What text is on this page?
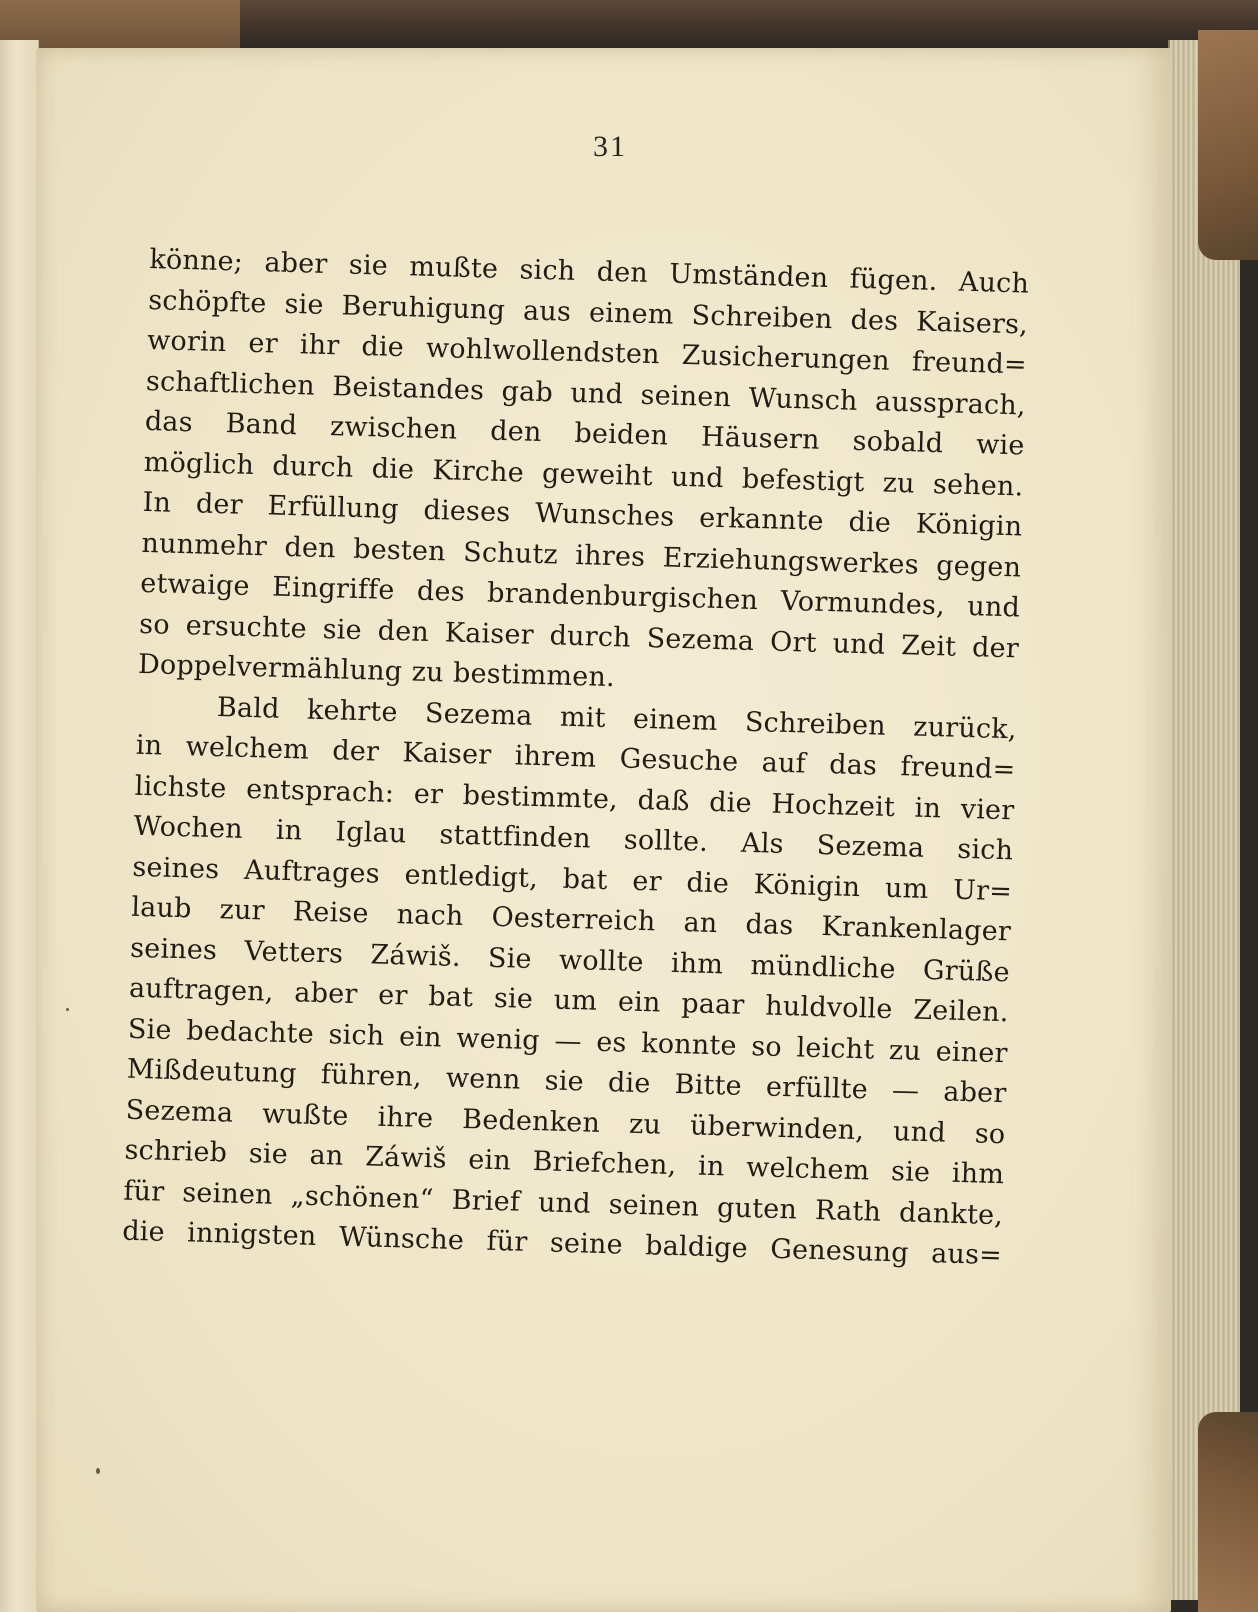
31
könne; aber sie mußte sich den Umständen fügen. Auch
schöpfte sie Beruhigung aus einem Schreiben des Kaisers,
worin er ihr die wohlwollendsten Zusicherungen freund=
schaftlichen Beistandes gab und seinen Wunsch aussprach,
das Band zwischen den beiden Häusern sobald wie
möglich durch die Kirche geweiht und befestigt zu sehen.
In der Erfüllung dieses Wunsches erkannte die Königin
nunmehr den besten Schutz ihres Erziehungswerkes gegen
etwaige Eingriffe des brandenburgischen Vormundes, und
so ersuchte sie den Kaiser durch Sezema Ort und Zeit der
Doppelvermählung zu bestimmen.
Bald kehrte Sezema mit einem Schreiben zurück,
in welchem der Kaiser ihrem Gesuche auf das freund=
lichste entsprach: er bestimmte, daß die Hochzeit in vier
Wochen in Iglau stattfinden sollte. Als Sezema sich
seines Auftrages entledigt, bat er die Königin um Ur=
laub zur Reise nach Oesterreich an das Krankenlager
seines Vetters Záwiš. Sie wollte ihm mündliche Grüße
auftragen, aber er bat sie um ein paar huldvolle Zeilen.
Sie bedachte sich ein wenig — es konnte so leicht zu einer
Mißdeutung führen, wenn sie die Bitte erfüllte — aber
Sezema wußte ihre Bedenken zu überwinden, und so
schrieb sie an Záwiš ein Briefchen, in welchem sie ihm
für seinen „schönen“ Brief und seinen guten Rath dankte,
die innigsten Wünsche für seine baldige Genesung aus=
